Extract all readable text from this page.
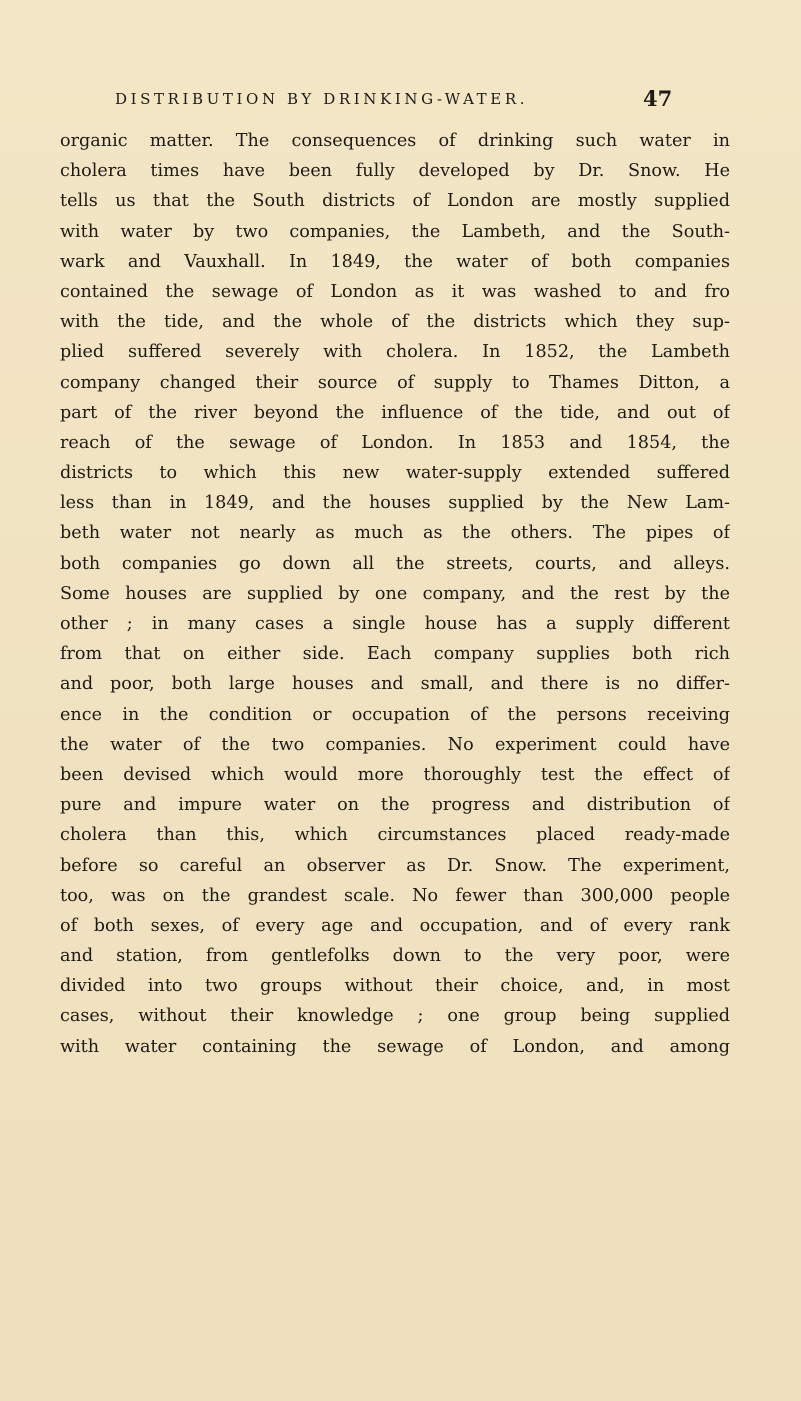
DISTRIBUTION BY DRINKING-WATER.	47
organic matter. The consequences of drinking such water in
cholera times have been fully developed by Dr. Snow. He
tells us that the South districts of London are mostly supplied
with water by two companies, the Lambeth, and the South-
wark and Vauxhall. In 1849, the water of both companies
contained the sewage of London as it was washed to and fro
with the tide, and the whole of the districts which they sup-
plied suffered severely with cholera. In 1852, the Lambeth
company changed their source of supply to Thames Ditton, a
part of the river beyond the influence of the tide, and out of
reach of the sewage of London. In 1853 and 1854, the
districts to which this new water-supply extended suffered
less than in 1849, and the houses supplied by the New Lam-
beth water not nearly as much as the others. The pipes of
both companies go down all the streets, courts, and alleys.
Some houses are supplied by one company, and the rest by the
other ; in many cases a single house has a supply different
from that on either side. Each company supplies both rich
and poor, both large houses and small, and there is no differ-
ence in the condition or occupation of the persons receiving
the water of the two companies. No experiment could have
been devised which would more thoroughly test the effect of
pure and impure water on the progress and distribution of
cholera than this, which circumstances placed ready-made
before so careful an observer as Dr. Snow. The experiment,
too, was on the grandest scale. No fewer than 300,000 people
of both sexes, of every age and occupation, and of every rank
and station, from gentlefolks down to the very poor, were
divided into two groups without their choice, and, in most
cases, without their knowledge ; one group being supplied
with water containing the sewage of London, and among
